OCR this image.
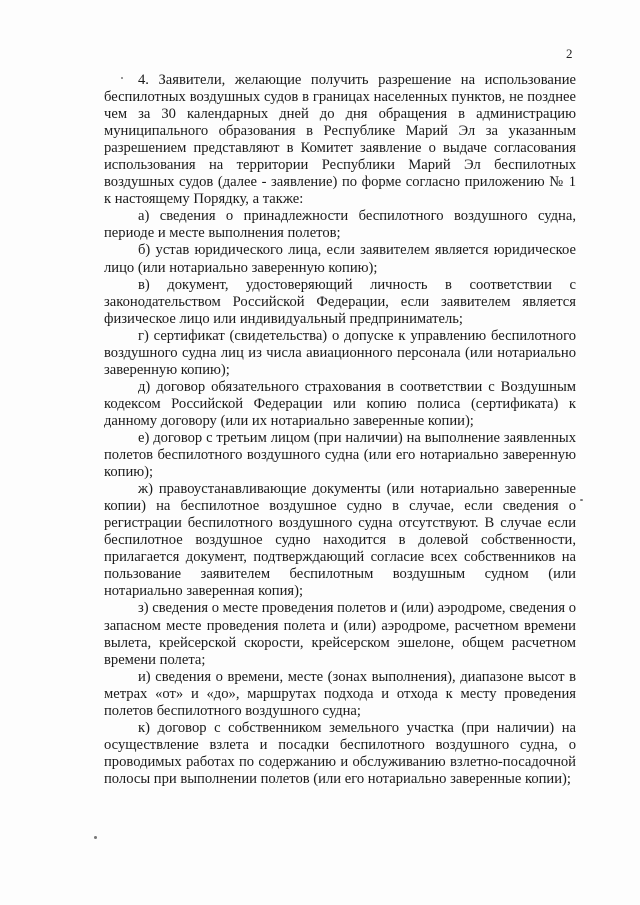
2

4. Заявители, желающие получить разрешение на использование беспилотных воздушных судов в границах населенных пунктов, не позднее чем за 30 календарных дней до дня обращения в администрацию муниципального образования в Республике Марий Эл за указанным разрешением представляют в Комитет заявление о выдаче согласования использования на территории Республики Марий Эл беспилотных воздушных судов (далее - заявление) по форме согласно приложению № 1 к настоящему Порядку, а также:

а) сведения о принадлежности беспилотного воздушного судна, периоде и месте выполнения полетов;

б) устав юридического лица, если заявителем является юридическое лицо (или нотариально заверенную копию);

в) документ, удостоверяющий личность в соответствии с законодательством Российской Федерации, если заявителем является физическое лицо или индивидуальный предприниматель;

г) сертификат (свидетельства) о допуске к управлению беспилотного воздушного судна лиц из числа авиационного персонала (или нотариально заверенную копию);

д) договор обязательного страхования в соответствии с Воздушным кодексом Российской Федерации или копию полиса (сертификата) к данному договору (или их нотариально заверенные копии);

е) договор с третьим лицом (при наличии) на выполнение заявленных полетов беспилотного воздушного судна (или его нотариально заверенную копию);

ж) правоустанавливающие документы (или нотариально заверенные копии) на беспилотное воздушное судно в случае, если сведения о регистрации беспилотного воздушного судна отсутствуют. В случае если беспилотное воздушное судно находится в долевой собственности, прилагается документ, подтверждающий согласие всех собственников на пользование заявителем беспилотным воздушным судном (или нотариально заверенная копия);

з) сведения о месте проведения полетов и (или) аэродроме, сведения о запасном месте проведения полета и (или) аэродроме, расчетном времени вылета, крейсерской скорости, крейсерском эшелоне, общем расчетном времени полета;

и) сведения о времени, месте (зонах выполнения), диапазоне высот в метрах «от» и «до», маршрутах подхода и отхода к месту проведения полетов беспилотного воздушного судна;

к) договор с собственником земельного участка (при наличии) на осуществление взлета и посадки беспилотного воздушного судна, о проводимых работах по содержанию и обслуживанию взлетно-посадочной полосы при выполнении полетов (или его нотариально заверенные копии);
